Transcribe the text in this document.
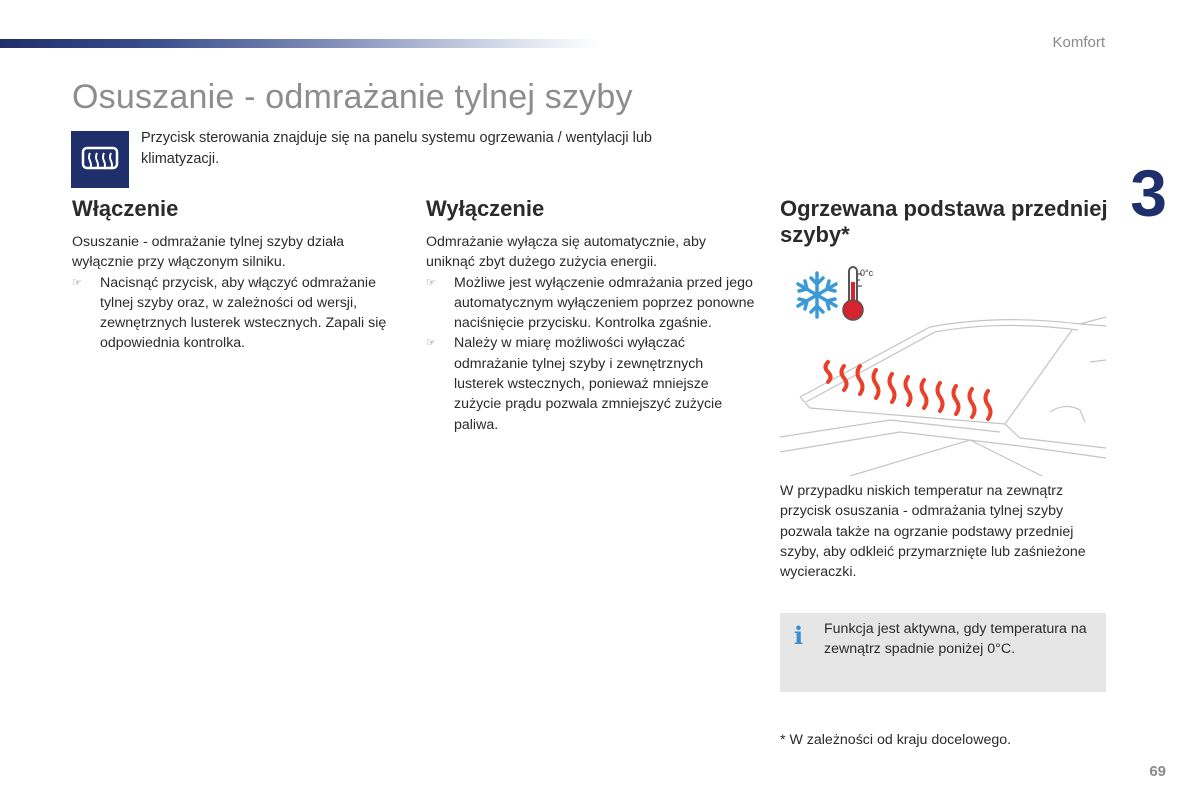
Komfort
Osuszanie - odmrażanie tylnej szyby
Przycisk sterowania znajduje się na panelu systemu ogrzewania / wentylacji lub klimatyzacji.	3
Włączenie

Osuszanie - odmrażanie tylnej szyby działa wyłącznie przy włączonym silniku.

☞	Nacisnąć przycisk, aby włączyć odmrażanie tylnej szyby oraz, w zależności od wersji, zewnętrznych lusterek wstecznych. Zapali się odpowiednia kontrolka.
Wyłączenie

Odmrażanie wyłącza się automatycznie, aby uniknąć zbyt dużego zużycia energii.

☞	Możliwe jest wyłączenie odmrażania przed jego automatycznym wyłączeniem poprzez ponowne naciśnięcie przycisku. Kontrolka zgaśnie.
☞	Należy w miarę możliwości wyłączać odmrażanie tylnej szyby i zewnętrznych lusterek wstecznych, ponieważ mniejsze zużycie prądu pozwala zmniejszyć zużycie paliwa.
Ogrzewana podstawa przedniej szyby*
0°c

W przypadku niskich temperatur na zewnątrz przycisk osuszania - odmrażania tylnej szyby pozwala także na ogrzanie podstawy przedniej szyby, aby odkleić przymarznięte lub zaśnieżone wycieraczki.

i Funkcja jest aktywna, gdy temperatura na zewnątrz spadnie poniżej 0°C.
* W zależności od kraju docelowego.
69
